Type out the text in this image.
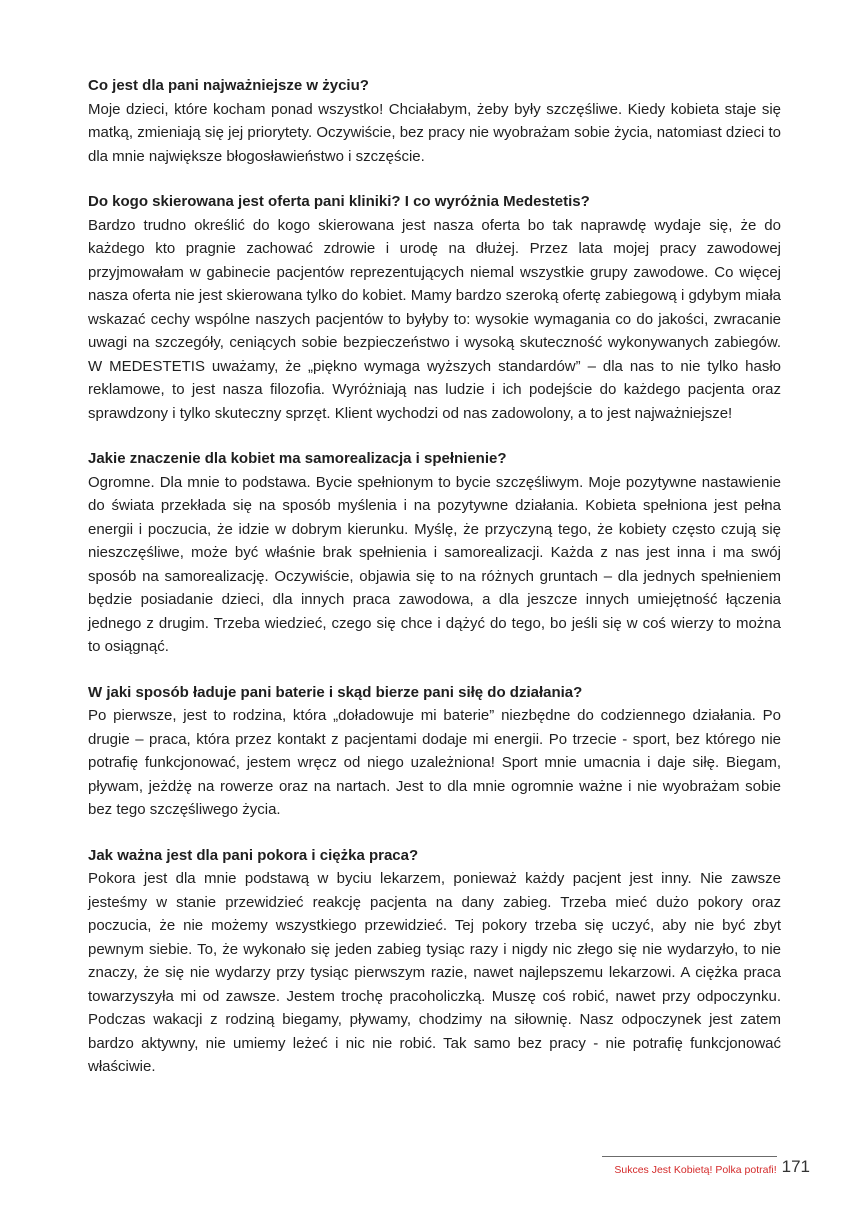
Co jest dla pani najważniejsze w życiu?

Moje dzieci, które kocham ponad wszystko! Chciałabym, żeby były szczęśliwe. Kiedy kobieta staje się matką, zmieniają się jej priorytety. Oczywiście, bez pracy nie wyobrażam sobie życia, natomiast dzieci to dla mnie największe błogosławieństwo i szczęście.

Do kogo skierowana jest oferta pani kliniki? I co wyróżnia Medestetis?

Bardzo trudno określić do kogo skierowana jest nasza oferta bo tak naprawdę wydaje się, że do każdego kto pragnie zachować zdrowie i urodę na dłużej. Przez lata mojej pracy zawodowej przyjmowałam w gabinecie pacjentów reprezentujących niemal wszystkie grupy zawodowe. Co więcej nasza oferta nie jest skierowana tylko do kobiet. Mamy bardzo szeroką ofertę zabiegową i gdybym miała wskazać cechy wspólne naszych pacjentów to byłyby to: wysokie wymagania co do jakości, zwracanie uwagi na szczegóły, ceniących sobie bezpieczeństwo i wysoką skuteczność wykonywanych zabiegów. W MEDESTETIS uważamy, że „piękno wymaga wyższych standardów” – dla nas to nie tylko hasło reklamowe, to jest nasza filozofia. Wyróżniają nas ludzie i ich podejście do każdego pacjenta oraz sprawdzony i tylko skuteczny sprzęt. Klient wychodzi od nas zadowolony, a to jest najważniejsze!

Jakie znaczenie dla kobiet ma samorealizacja i spełnienie?

Ogromne. Dla mnie to podstawa. Bycie spełnionym to bycie szczęśliwym. Moje pozytywne nastawienie do świata przekłada się na sposób myślenia i na pozytywne działania. Kobieta spełniona jest pełna energii i poczucia, że idzie w dobrym kierunku. Myślę, że przyczyną tego, że kobiety często czują się nieszczęśliwe, może być właśnie brak spełnienia i samorealizacji. Każda z nas jest inna i ma swój sposób na samorealizację. Oczywiście, objawia się to na różnych gruntach – dla jednych spełnieniem będzie posiadanie dzieci, dla innych praca zawodowa, a dla jeszcze innych umiejętność łączenia jednego z drugim. Trzeba wiedzieć, czego się chce i dążyć do tego, bo jeśli się w coś wierzy to można to osiągnąć.

W jaki sposób ładuje pani baterie i skąd bierze pani siłę do działania?

Po pierwsze, jest to rodzina, która „doładowuje mi baterie” niezbędne do codziennego działania. Po drugie – praca, która przez kontakt z pacjentami dodaje mi energii. Po trzecie - sport, bez którego nie potrafię funkcjonować, jestem wręcz od niego uzależniona! Sport mnie umacnia i daje siłę. Biegam, pływam, jeżdżę na rowerze oraz na nartach. Jest to dla mnie ogromnie ważne i nie wyobrażam sobie bez tego szczęśliwego życia.

Jak ważna jest dla pani pokora i ciężka praca?

Pokora jest dla mnie podstawą w byciu lekarzem, ponieważ każdy pacjent jest inny. Nie zawsze jesteśmy w stanie przewidzieć reakcję pacjenta na dany zabieg. Trzeba mieć dużo pokory oraz poczucia, że nie możemy wszystkiego przewidzieć. Tej pokory trzeba się uczyć, aby nie być zbyt pewnym siebie. To, że wykonało się jeden zabieg tysiąc razy i nigdy nic złego się nie wydarzyło, to nie znaczy, że się nie wydarzy przy tysiąc pierwszym razie, nawet najlepszemu lekarzowi. A ciężka praca towarzyszyła mi od zawsze. Jestem trochę pracoholiczką. Muszę coś robić, nawet przy odpoczynku. Podczas wakacji z rodziną biegamy, pływamy, chodzimy na siłownię. Nasz odpoczynek jest zatem bardzo aktywny, nie umiemy leżeć i nic nie robić. Tak samo bez pracy - nie potrafię funkcjonować właściwie.

Sukces Jest Kobietą! Polka potrafi! 171
